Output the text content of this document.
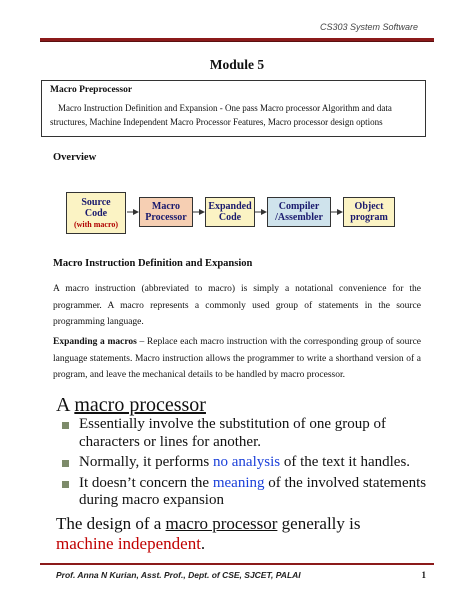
CS303 System Software
Module 5
Macro Preprocessor
Macro Instruction Definition and Expansion - One pass Macro processor Algorithm and data structures, Machine Independent Macro Processor Features, Macro processor design options
Overview
Source
Code
(with macro)
Macro
Processor
Expanded
Code
Compiler
/Assembler
Object
program
Macro Instruction Definition and Expansion
A macro instruction (abbreviated to macro) is simply a notational convenience for the programmer. A macro represents a commonly used group of statements in the source programming language.
Expanding a macros – Replace each macro instruction with the corresponding group of source language statements. Macro instruction allows the programmer to write a shorthand version of a program, and leave the mechanical details to be handled by macro processor.
A macro processor
Essentially involve the substitution of one group of characters or lines for another.
Normally, it performs no analysis of the text it handles.
It doesn’t concern the meaning of the involved statements during macro expansion
The design of a macro processor generally is
machine independent.
Prof. Anna N Kurian, Asst. Prof., Dept. of CSE, SJCET, PALAI	1
